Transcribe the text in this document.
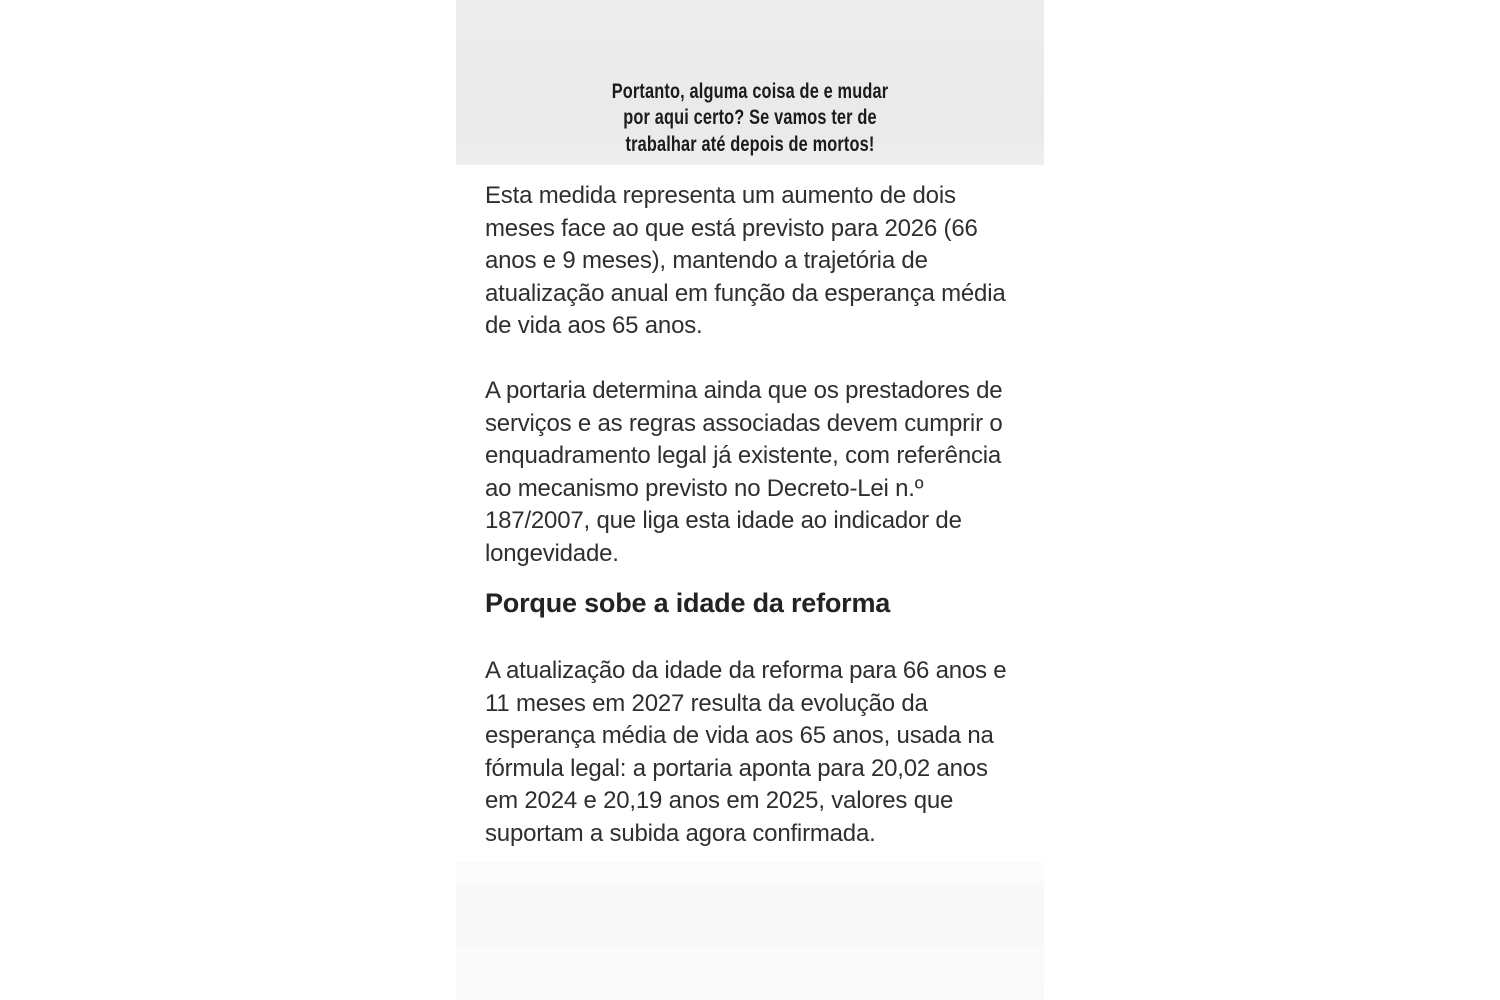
Portanto, alguma coisa de e mudar
por aqui certo? Se vamos ter de
trabalhar até depois de mortos!

Esta medida representa um aumento de dois meses face ao que está previsto para 2026 (66 anos e 9 meses), mantendo a trajetória de atualização anual em função da esperança média de vida aos 65 anos.

A portaria determina ainda que os prestadores de serviços e as regras associadas devem cumprir o enquadramento legal já existente, com referência ao mecanismo previsto no Decreto-Lei n.º 187/2007, que liga esta idade ao indicador de longevidade.

Porque sobe a idade da reforma

A atualização da idade da reforma para 66 anos e 11 meses em 2027 resulta da evolução da esperança média de vida aos 65 anos, usada na fórmula legal: a portaria aponta para 20,02 anos em 2024 e 20,19 anos em 2025, valores que suportam a subida agora confirmada.
